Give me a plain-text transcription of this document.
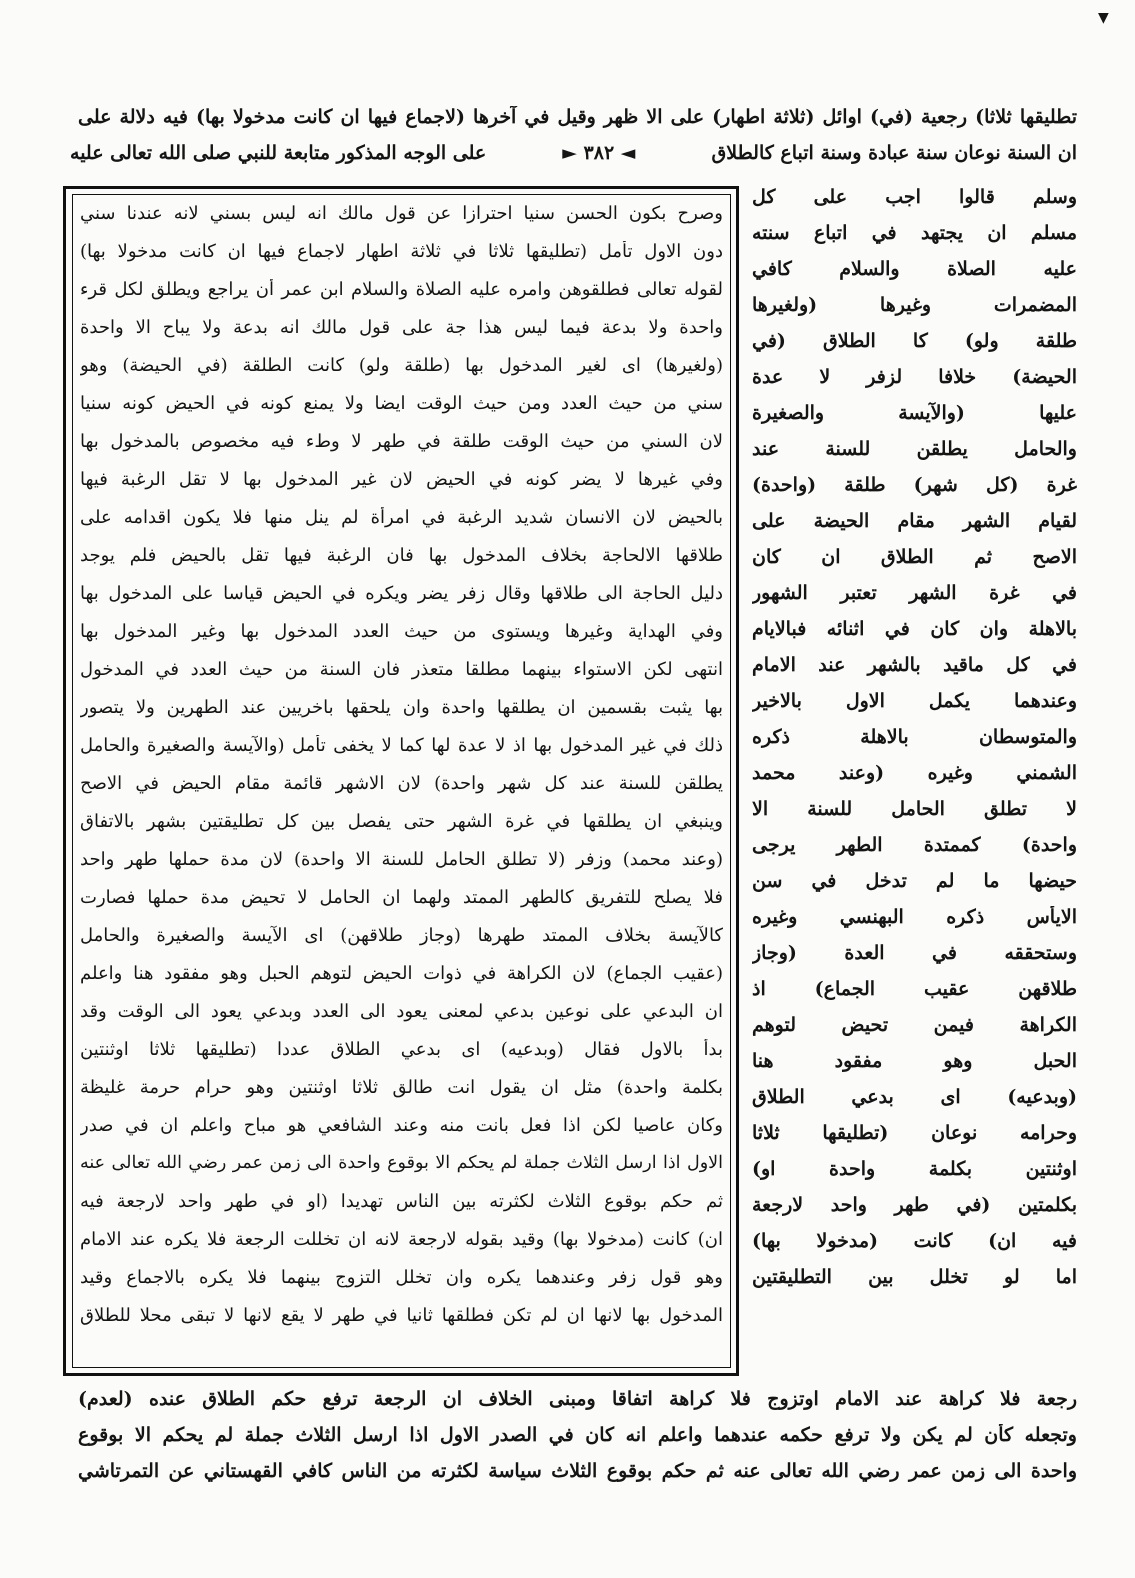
▼
تطليقها ثلاثا) رجعية (في) اوائل (ثلاثة اطهار) على الا ظهر وقيل في آخرها (لاجماع فيها ان كانت مدخولا بها) فيه دلالة على
ان السنة نوعان سنة عبادة وسنة اتباع كالطلاق
◄ ٣٨٢ ►
على الوجه المذكور متابعة للنبي صلى الله تعالى عليه
وسلم قالوا اجب على كل
مسلم ان يجتهد في اتباع سنته
عليه الصلاة والسلام كافي
المضمرات وغيرها (ولغيرها
طلقة ولو) كا الطلاق (في
الحيضة) خلافا لزفر لا عدة
عليها (والآيسة والصغيرة
والحامل يطلقن للسنة عند
غرة (كل شهر) طلقة (واحدة)
لقيام الشهر مقام الحيضة على
الاصح ثم الطلاق ان كان
في غرة الشهر تعتبر الشهور
بالاهلة وان كان في اثنائه فبالايام
في كل ماقيد بالشهر عند الامام
وعندهما يكمل الاول بالاخير
والمتوسطان بالاهلة ذكره
الشمني وغيره (وعند محمد
لا تطلق الحامل للسنة الا
واحدة) كممتدة الطهر يرجى
حيضها ما لم تدخل في سن
الايأس ذكره البهنسي وغيره
وستحققه في العدة (وجاز
طلاقهن عقيب الجماع) اذ
الكراهة فيمن تحيض لتوهم
الحبل وهو مفقود هنا
(وبدعيه) اى بدعي الطلاق
وحرامه نوعان (تطليقها ثلاثا
اوثنتين بكلمة واحدة او)
بكلمتين (في طهر واحد لارجعة
فيه ان) كانت (مدخولا بها)
اما لو تخلل بين التطليقتين
وصرح بكون الحسن سنيا احترازا عن قول مالك انه ليس بسني لانه عندنا سني
دون الاول تأمل (تطليقها ثلاثا في ثلاثة اطهار لاجماع فيها ان كانت مدخولا بها)
لقوله تعالى فطلقوهن وامره عليه الصلاة والسلام ابن عمر أن يراجع ويطلق لكل قرء
واحدة ولا بدعة فيما ليس هذا جة على قول مالك انه بدعة ولا يباح الا واحدة
(ولغيرها) اى لغير المدخول بها (طلقة ولو) كانت الطلقة (في الحيضة) وهو
سني من حيث العدد ومن حيث الوقت ايضا ولا يمنع كونه في الحيض كونه سنيا
لان السني من حيث الوقت طلقة في طهر لا وطء فيه مخصوص بالمدخول بها
وفي غيرها لا يضر كونه في الحيض لان غير المدخول بها لا تقل الرغبة فيها
بالحيض لان الانسان شديد الرغبة في امرأة لم ينل منها فلا يكون اقدامه على
طلاقها الالحاجة بخلاف المدخول بها فان الرغبة فيها تقل بالحيض فلم يوجد
دليل الحاجة الى طلاقها وقال زفر يضر ويكره في الحيض قياسا على المدخول بها
وفي الهداية وغيرها ويستوى من حيث العدد المدخول بها وغير المدخول بها
انتهى لكن الاستواء بينهما مطلقا متعذر فان السنة من حيث العدد في المدخول
بها يثبت بقسمين ان يطلقها واحدة وان يلحقها باخريين عند الطهرين ولا يتصور
ذلك في غير المدخول بها اذ لا عدة لها كما لا يخفى تأمل (والآيسة والصغيرة والحامل
يطلقن للسنة عند كل شهر واحدة) لان الاشهر قائمة مقام الحيض في الاصح
وينبغي ان يطلقها في غرة الشهر حتى يفصل بين كل تطليقتين بشهر بالاتفاق
(وعند محمد) وزفر (لا تطلق الحامل للسنة الا واحدة) لان مدة حملها طهر واحد
فلا يصلح للتفريق كالطهر الممتد ولهما ان الحامل لا تحيض مدة حملها فصارت
كالآيسة بخلاف الممتد طهرها (وجاز طلاقهن) اى الآيسة والصغيرة والحامل
(عقيب الجماع) لان الكراهة في ذوات الحيض لتوهم الحبل وهو مفقود هنا واعلم
ان البدعي على نوعين بدعي لمعنى يعود الى العدد وبدعي يعود الى الوقت وقد
بدأ بالاول فقال (وبدعيه) اى بدعي الطلاق عددا (تطليقها ثلاثا اوثنتين
بكلمة واحدة) مثل ان يقول انت طالق ثلاثا اوثنتين وهو حرام حرمة غليظة
وكان عاصيا لكن اذا فعل بانت منه وعند الشافعي هو مباح واعلم ان في صدر
الاول اذا ارسل الثلاث جملة لم يحكم الا بوقوع واحدة الى زمن عمر رضي الله تعالى عنه
ثم حكم بوقوع الثلاث لكثرته بين الناس تهديدا (او في طهر واحد لارجعة فيه
ان) كانت (مدخولا بها) وقيد بقوله لارجعة لانه ان تخللت الرجعة فلا يكره عند الامام
وهو قول زفر وعندهما يكره وان تخلل التزوج بينهما فلا يكره بالاجماع وقيد
المدخول بها لانها ان لم تكن فطلقها ثانيا في طهر لا يقع لانها لا تبقى محلا للطلاق
رجعة فلا كراهة عند الامام اوتزوج فلا كراهة اتفاقا ومبنى الخلاف ان الرجعة ترفع حكم الطلاق عنده (لعدم)
وتجعله كأن لم يكن ولا ترفع حكمه عندهما واعلم انه كان في الصدر الاول اذا ارسل الثلاث جملة لم يحكم الا بوقوع
واحدة الى زمن عمر رضي الله تعالى عنه ثم حكم بوقوع الثلاث سياسة لكثرته من الناس كافي القهستاني عن التمرتاشي
